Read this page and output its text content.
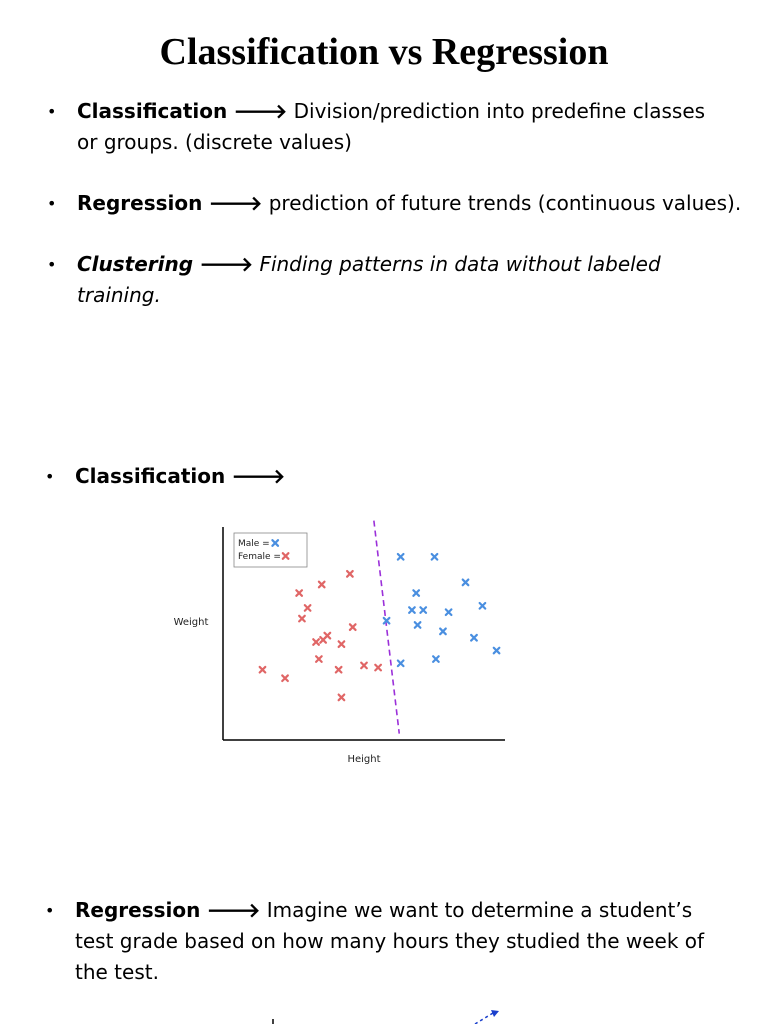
Classification vs Regression
• Classification 🡒 Division/prediction into predefine classes or groups. (discrete values)
• Regression 🡒 prediction of future trends (continuous values).
• Clustering 🡒 Finding patterns in data without labeled training.
• Classification 🡒
Height
Weight
Male =
Female =
• Regression 🡒 Imagine we want to determine a student’s test grade based on how many hours they studied the week of the test.
